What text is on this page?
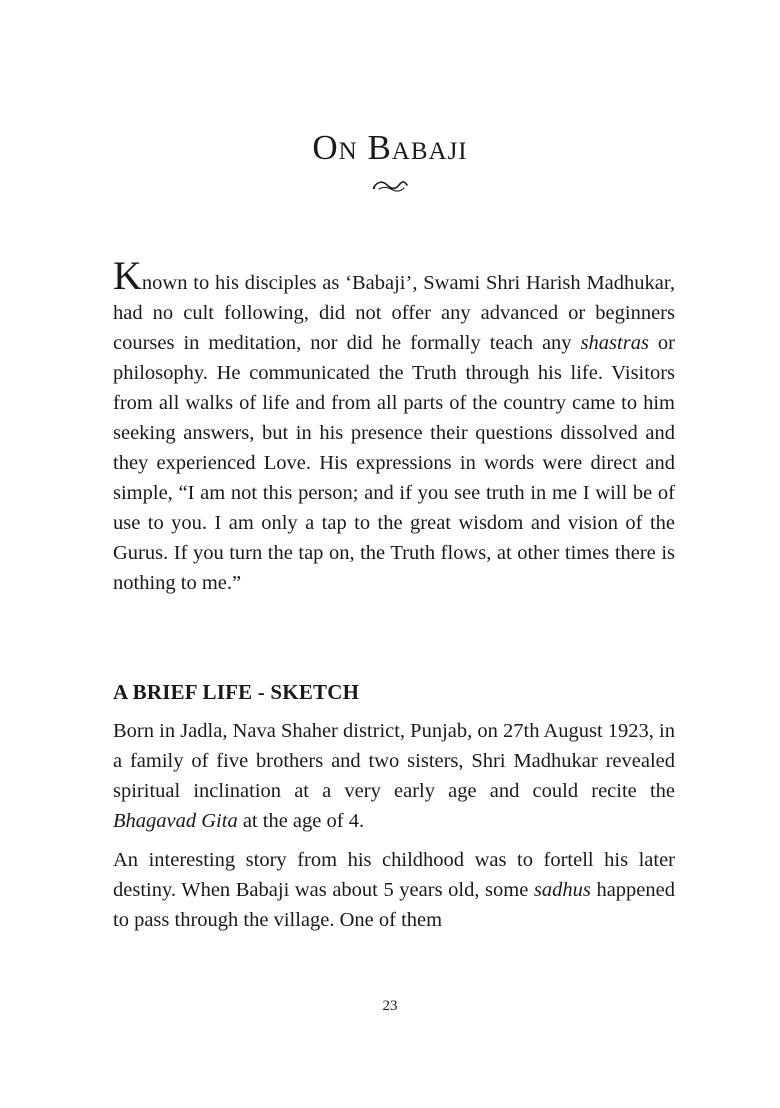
On Babaji

Known to his disciples as ‘Babaji’, Swami Shri Harish Madhukar, had no cult following, did not offer any advanced or beginners courses in meditation, nor did he formally teach any shastras or philosophy. He communicated the Truth through his life. Visitors from all walks of life and from all parts of the country came to him seeking answers, but in his presence their questions dissolved and they experienced Love. His expressions in words were direct and simple, “I am not this person; and if you see truth in me I will be of use to you. I am only a tap to the great wisdom and vision of the Gurus. If you turn the tap on, the Truth flows, at other times there is nothing to me.”

A BRIEF LIFE - SKETCH

Born in Jadla, Nava Shaher district, Punjab, on 27th August 1923, in a family of five brothers and two sisters, Shri Madhukar revealed spiritual inclination at a very early age and could recite the Bhagavad Gita at the age of 4.

An interesting story from his childhood was to fortell his later destiny. When Babaji was about 5 years old, some sadhus happened to pass through the village. One of them

23
